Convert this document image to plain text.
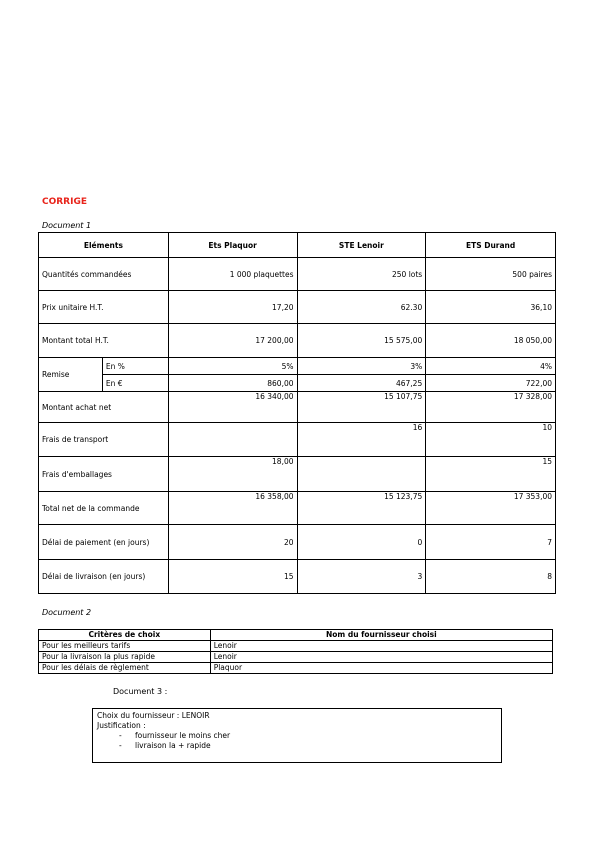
CORRIGE
Document 1
Eléments		Ets Plaquor	STE Lenoir	ETS Durand
Quantités commandées		1 000 plaquettes	250 lots	500 paires
Prix unitaire H.T.		17,20	62.30	36,10
Montant total H.T.		17 200,00	15 575,00	18 050,00
Remise	En %	5%	3%	4%
	En €	860,00	467,25	722,00
Montant achat net		16 340,00	15 107,75	17 328,00
Frais de transport			16	10
Frais d'emballages		18,00		15
Total net de la commande		16 358,00	15 123,75	17 353,00
Délai de paiement (en jours)		20	0	7
Délai de livraison (en jours)		15	3	8
Document 2
Critères de choix	Nom du fournisseur choisi
Pour les meilleurs tarifs	Lenoir
Pour la livraison la plus rapide	Lenoir
Pour les délais de règlement	Plaquor
Document 3 :
Choix du fournisseur : LENOIR
Justification :
- fournisseur le moins cher
- livraison la + rapide
